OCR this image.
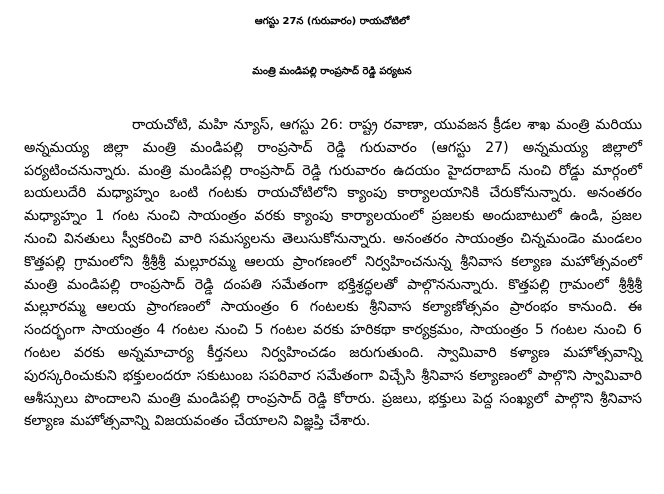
ఆగస్టు 27న (గురువారం) రాయచోటిలో
మంత్రి మండిపల్లి రాంప్రసాద్ రెడ్డి పర్యటన

రాయచోటి, మహి న్యూస్, ఆగస్టు 26: రాష్ట్ర రవాణా, యువజన క్రీడల శాఖ మంత్రి మరియు అన్నమయ్య జిల్లా మంత్రి మండిపల్లి రాంప్రసాద్ రెడ్డి గురువారం (ఆగస్టు 27) అన్నమయ్య జిల్లాలో పర్యటించనున్నారు. మంత్రి మండిపల్లి రాంప్రసాద్ రెడ్డి గురువారం ఉదయం హైదరాబాద్ నుంచి రోడ్డు మార్గంలో బయలుదేరి మధ్యాహ్నం ఒంటి గంటకు రాయచోటిలోని క్యాంపు కార్యాలయానికి చేరుకోనున్నారు. అనంతరం మధ్యాహ్నం 1 గంట నుంచి సాయంత్రం వరకు క్యాంపు కార్యాలయంలో ప్రజలకు అందుబాటులో ఉండి, ప్రజల నుంచి వినతులు స్వీకరించి వారి సమస్యలను తెలుసుకోనున్నారు. అనంతరం సాయంత్రం చిన్నమండెం మండలం కొత్తపల్లి గ్రామంలోని శ్రీశ్రీశ్రీ మల్లూరమ్మ ఆలయ ప్రాంగణంలో నిర్వహించనున్న శ్రీనివాస కల్యాణ మహోత్సవంలో మంత్రి మండిపల్లి రాంప్రసాద్ రెడ్డి దంపతి సమేతంగా భక్తిశ్రద్ధలతో పాల్గొననున్నారు. కొత్తపల్లి గ్రామంలో శ్రీశ్రీశ్రీ మల్లూరమ్మ ఆలయ ప్రాంగణంలో సాయంత్రం 6 గంటలకు శ్రీనివాస కల్యాణోత్సవం ప్రారంభం కానుంది. ఈ సందర్భంగా సాయంత్రం 4 గంటల నుంచి 5 గంటల వరకు హరికథా కార్యక్రమం, సాయంత్రం 5 గంటల నుంచి 6 గంటల వరకు అన్నమాచార్య కీర్తనలు నిర్వహించడం జరుగుతుంది. స్వామివారి కళ్యాణ మహోత్సవాన్ని పురస్కరించుకుని భక్తులందరూ సకుటుంబ సపరివార సమేతంగా విచ్చేసి శ్రీనివాస కల్యాణంలో పాల్గొని స్వామివారి ఆశీస్సులు పొందాలని మంత్రి మండిపల్లి రాంప్రసాద్ రెడ్డి కోరారు. ప్రజలు, భక్తులు పెద్ద సంఖ్యలో పాల్గొని శ్రీనివాస కల్యాణ మహోత్సవాన్ని విజయవంతం చేయాలని విజ్ఞప్తి చేశారు.
